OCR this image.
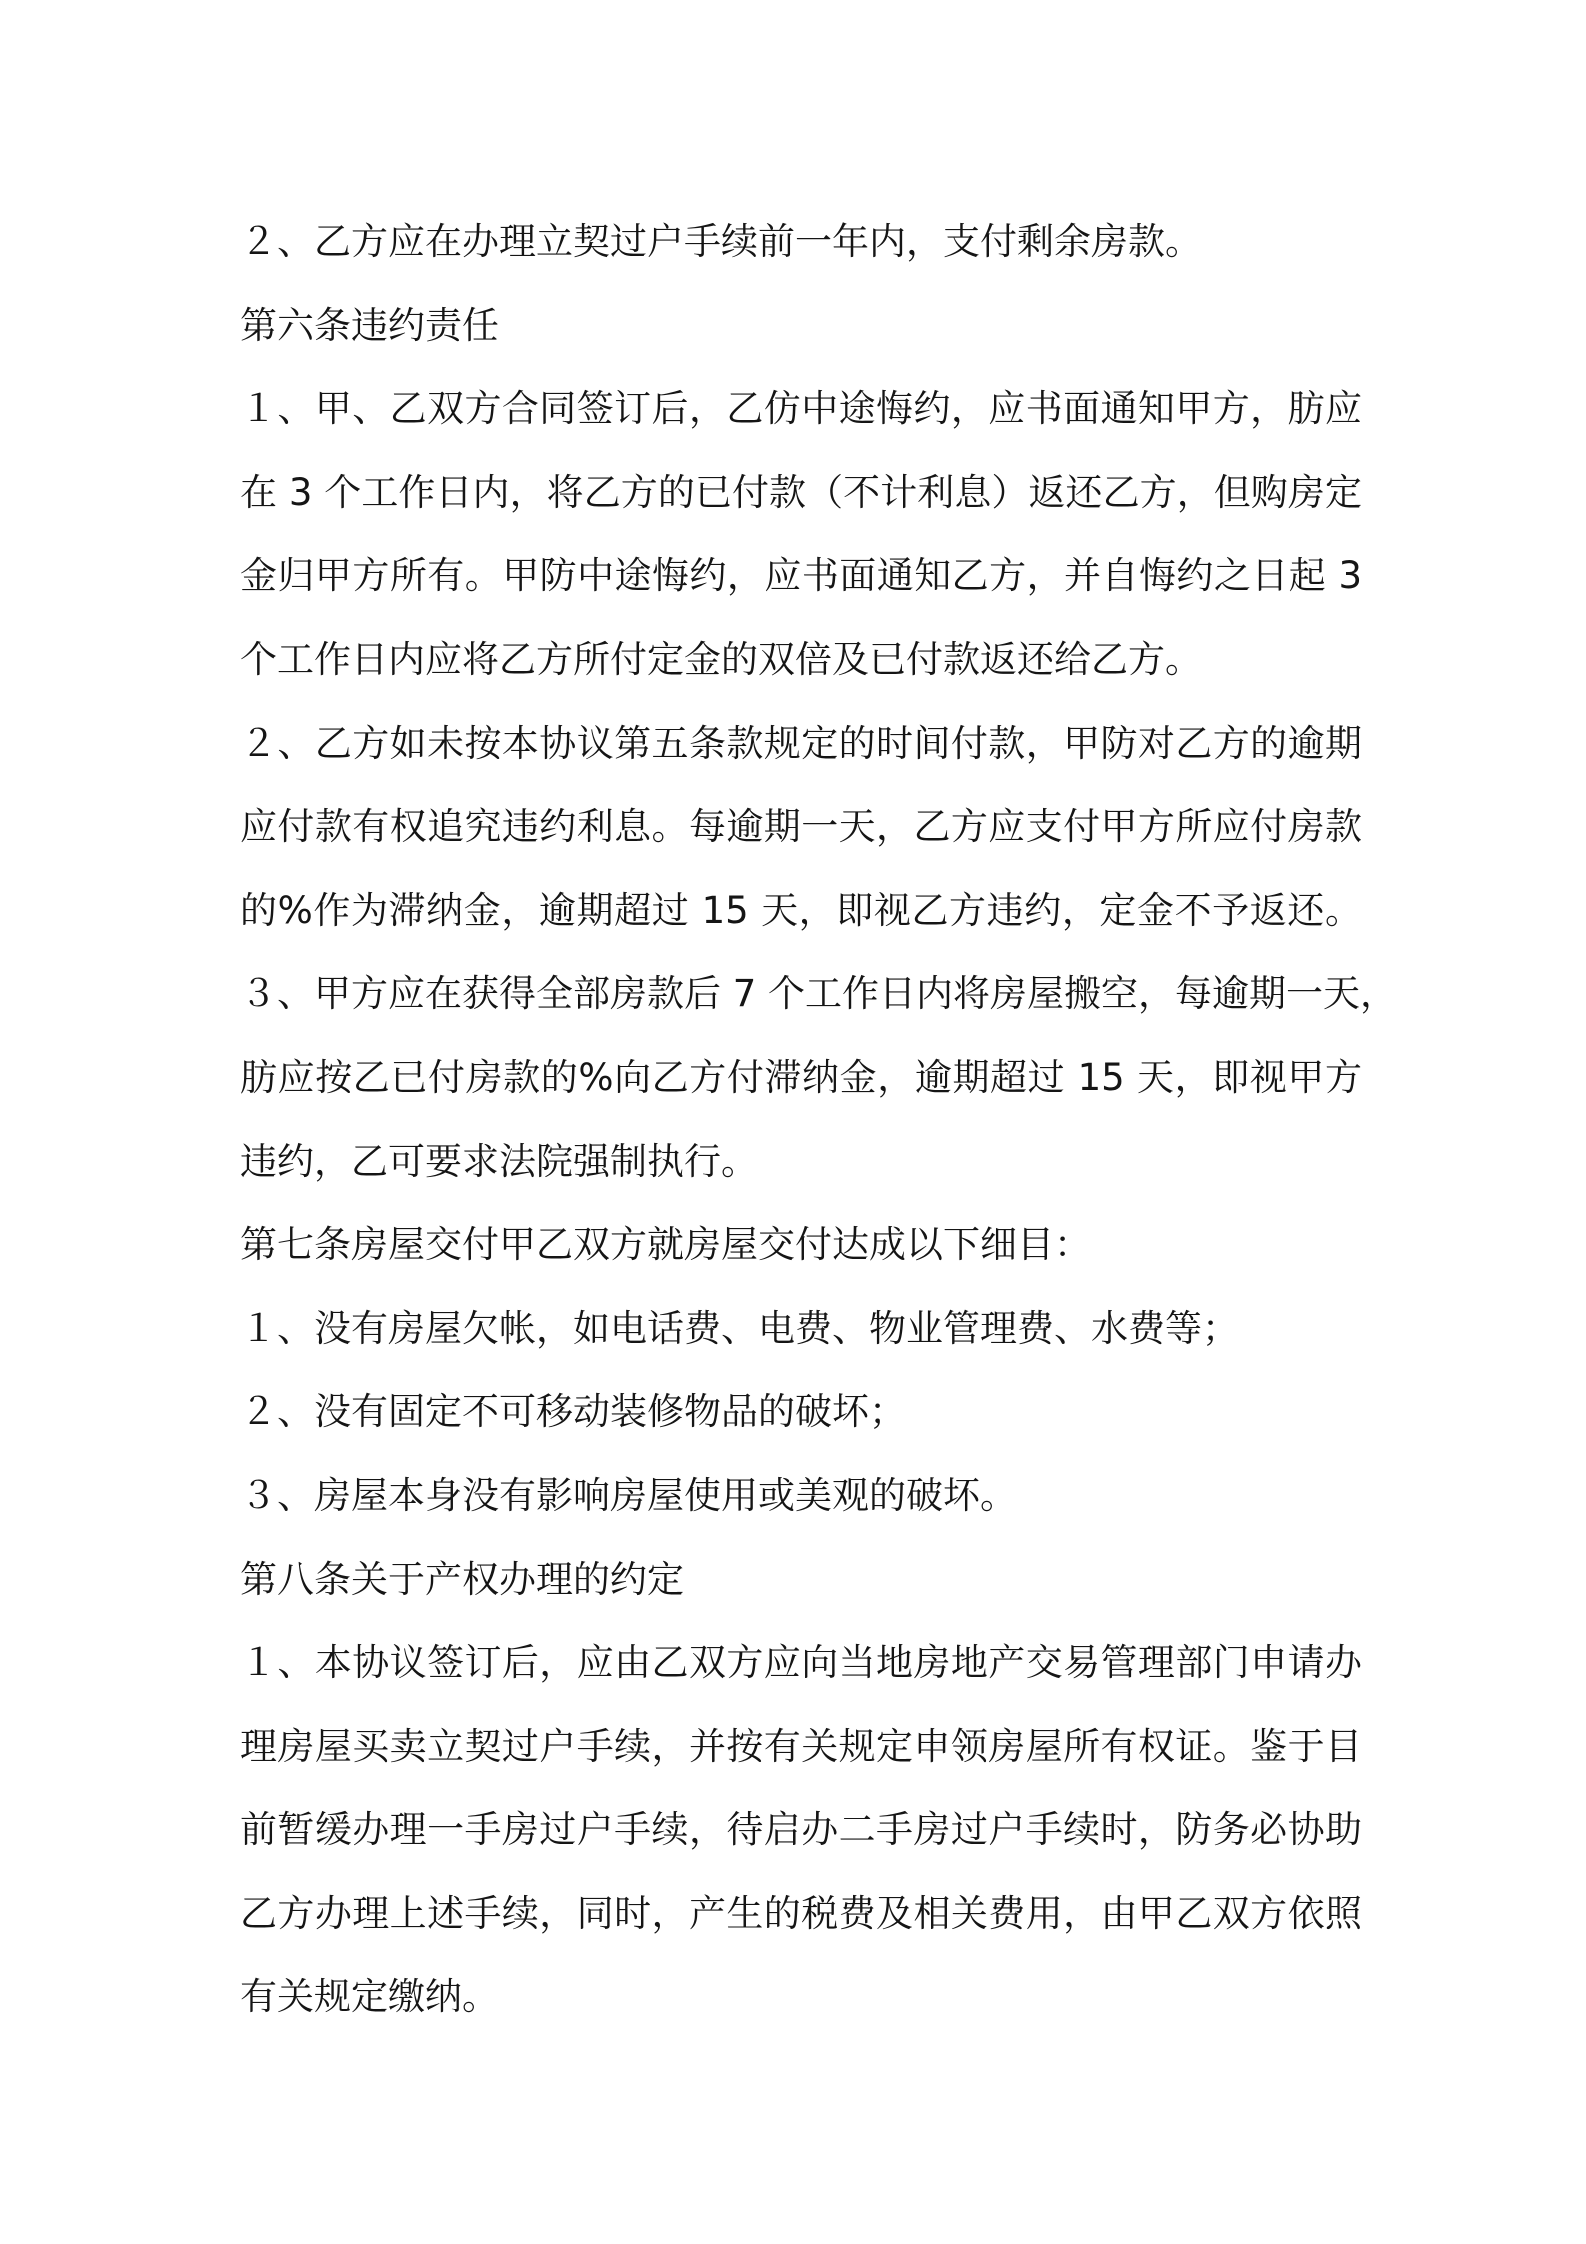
２、乙方应在办理立契过户手续前一年内，支付剩余房款。
第六条违约责任
１、甲、乙双方合同签订后，乙仿中途悔约，应书面通知甲方，肪应
在 3 个工作日内，将乙方的已付款（不计利息）返还乙方，但购房定
金归甲方所有。甲防中途悔约，应书面通知乙方，并自悔约之日起 3
个工作日内应将乙方所付定金的双倍及已付款返还给乙方。
２、乙方如未按本协议第五条款规定的时间付款，甲防对乙方的逾期
应付款有权追究违约利息。每逾期一天，乙方应支付甲方所应付房款
的%作为滞纳金，逾期超过 15 天，即视乙方违约，定金不予返还。
３、甲方应在获得全部房款后 7 个工作日内将房屋搬空，每逾期一天，
肪应按乙已付房款的%向乙方付滞纳金，逾期超过 15 天，即视甲方
违约，乙可要求法院强制执行。
第七条房屋交付甲乙双方就房屋交付达成以下细目：
１、没有房屋欠帐，如电话费、电费、物业管理费、水费等；
２、没有固定不可移动装修物品的破坏；
３、房屋本身没有影响房屋使用或美观的破坏。
第八条关于产权办理的约定
１、本协议签订后，应由乙双方应向当地房地产交易管理部门申请办
理房屋买卖立契过户手续，并按有关规定申领房屋所有权证。鉴于目
前暂缓办理一手房过户手续，待启办二手房过户手续时，防务必协助
乙方办理上述手续，同时，产生的税费及相关费用，由甲乙双方依照
有关规定缴纳。
